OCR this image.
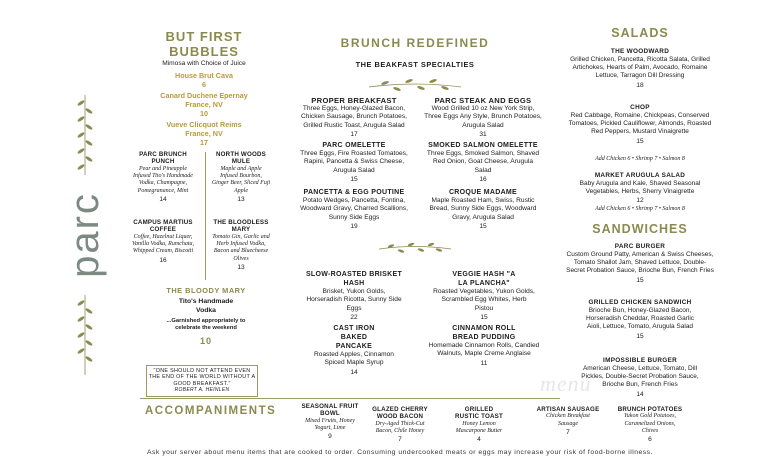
parc
BUT FIRST
BUBBLES
Mimosa with Choice of Juice
House Brut Cava
6
Canard Duchene Epernay France, NV
10
Vueve Clicquot Reims France, NV
17
PARC BRUNCH PUNCH
Pear and Pineapple Infused Tito's Handmade Vodka, Champagne, Pomegranance, Mint
14
NORTH WOODS MULE
Maple and Apple Infused Bourbon, Ginger Beer, Sliced Fuji Apple
13
CAMPUS MARTIUS COFFEE
Coffee, Hazelnut Liquer, Vanilla Vodka, Rumchata, Whipped Cream, Biscotti
16
THE BLOODLESS MARY
Tomato Gin, Garlic and Herb Infused Vodka, Bacon and Bluecheese Olives
13
THE BLOODY MARY
Tito's Handmade
Vodka
...Garnished appropriately to celebrate the weekend
10
"ONE SHOULD NOT ATTEND EVEN THE END OF THE WORLD WITHOUT A GOOD BREAKFAST."
ROBERT A. HEINLEN
BRUNCH REDEFINED
THE BEAKFAST SPECIALTIES
PROPER BREAKFAST
Three Eggs, Honey-Glazed Bacon, Chicken Sausage, Brunch Potatoes, Grilled Rustic Toast, Arugula Salad
17
PARC STEAK AND EGGS
Wood Grilled 10 oz New York Strip, Three Eggs Any Style, Brunch Potatoes, Arugula Salad
31
PARC OMELETTE
Three Eggs, Fire Roasted Tomatoes, Rapini, Pancetta & Swiss Cheese, Arugula Salad
15
SMOKED SALMON OMELETTE
Three Eggs, Smoked Salmon, Shaved Red Onion, Goat Cheese, Arugula Salad
16
PANCETTA & EGG POUTINE
Potato Wedges, Pancetta, Fontina, Woodward Gravy, Charred Scallions, Sunny Side Eggs
19
CROQUE MADAME
Maple Roasted Ham, Swiss, Rustic Bread, Sunny Side Eggs, Woodward Gravy, Arugula Salad
15
SLOW-ROASTED BRISKET HASH
Brisket, Yukon Golds, Horseradish Ricotta, Sunny Side Eggs
22
VEGGIE HASH "A LA PLANCHA"
Roasted Vegetables, Yukon Golds, Scrambled Egg Whites, Herb Pistou
15
CAST IRON BAKED PANCAKE
Roasted Apples, Cinnamon Spiced Maple Syrup
14
CINNAMON ROLL BREAD PUDDING
Homemade Cinnamon Rolls, Candied Walnuts, Maple Creme Anglaise
11
SALADS
THE WOODWARD
Grilled Chicken, Pancetta, Ricotta Salata, Grilled Artichokes, Hearts of Palm, Avocado, Romaine Lettuce, Tarragon Dill Dressing
18
CHOP
Red Cabbage, Romaine, Chickpeas, Conserved Tomatoes, Pickled Cauliflower, Almonds, Roasted Red Peppers, Mustard Vinaigrette
15
Add Chicken 6 • Shrimp 7 • Salmon 8
MARKET ARUGULA SALAD
Baby Arugula and Kale, Shaved Seasonal Vegetables, Herbs, Sherry Vinaigrette
12
Add Chicken 6 • Shrimp 7 • Salmon 8
SANDWICHES
PARC BURGER
Custom Ground Patty, American & Swiss Cheeses, Tomato Shallot Jam, Shaved Lettuce, Double-Secret Probation Sauce, Brioche Bun, French Fries
15
GRILLED CHICKEN SANDWICH
Brioche Bun, Honey-Glazed Bacon, Horseradish Cheddar, Roasted Garlic Aioli, Lettuce, Tomato, Arugula Salad
15
IMPOSSIBLE BURGER
American Cheese, Lettuce, Tomato, Dill Pickles, Double-Secret Probation Sauce, Brioche Bun, French Fries
14
menu
ACCOMPANIMENTS	SEASONAL FRUIT BOWL
Mixed Fruits, Honey Yogurt, Lime
9
GLAZED CHERRY WOOD BACON
Dry-Aged Thick-Cut Bacon, Chile Honey
7
GRILLED RUSTIC TOAST
Honey Lemon Mascarpone Butter
4
ARTISAN SAUSAGE
Chicken Breakfast Sausage
7
BRUNCH POTATOES
Yukon Gold Potatoes, Caramelized Onions, Chives
6
Ask your server about menu items that are cooked to order. Consuming undercooked meats or eggs may increase your risk of food-borne illness.
